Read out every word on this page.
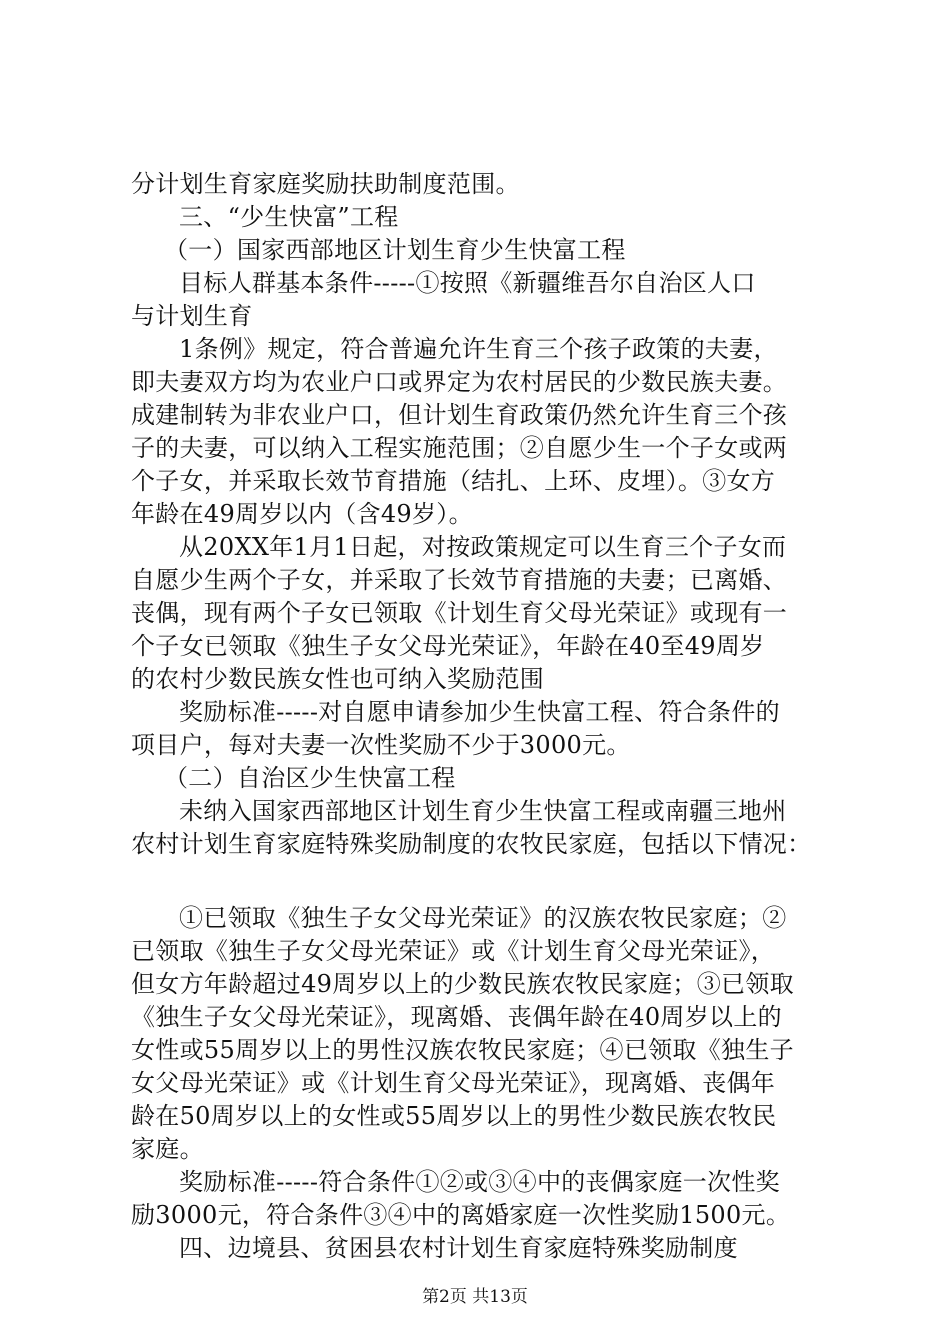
分计划生育家庭奖励扶助制度范围。
三、“少生快富”工程
（一）国家西部地区计划生育少生快富工程
目标人群基本条件-----①按照《新疆维吾尔自治区人口
与计划生育
1条例》规定，符合普遍允许生育三个孩子政策的夫妻，
即夫妻双方均为农业户口或界定为农村居民的少数民族夫妻。
成建制转为非农业户口，但计划生育政策仍然允许生育三个孩
子的夫妻，可以纳入工程实施范围；②自愿少生一个子女或两
个子女，并采取长效节育措施（结扎、上环、皮埋）。③女方
年龄在49周岁以内（含49岁）。
从20XX年1月1日起，对按政策规定可以生育三个子女而
自愿少生两个子女，并采取了长效节育措施的夫妻；已离婚、
丧偶，现有两个子女已领取《计划生育父母光荣证》或现有一
个子女已领取《独生子女父母光荣证》，年龄在40至49周岁
的农村少数民族女性也可纳入奖励范围
奖励标准-----对自愿申请参加少生快富工程、符合条件的
项目户，每对夫妻一次性奖励不少于3000元。
（二）自治区少生快富工程
未纳入国家西部地区计划生育少生快富工程或南疆三地州
农村计划生育家庭特殊奖励制度的农牧民家庭，包括以下情况：
①已领取《独生子女父母光荣证》的汉族农牧民家庭；②
已领取《独生子女父母光荣证》或《计划生育父母光荣证》，
但女方年龄超过49周岁以上的少数民族农牧民家庭；③已领取
《独生子女父母光荣证》，现离婚、丧偶年龄在40周岁以上的
女性或55周岁以上的男性汉族农牧民家庭；④已领取《独生子
女父母光荣证》或《计划生育父母光荣证》，现离婚、丧偶年
龄在50周岁以上的女性或55周岁以上的男性少数民族农牧民
家庭。
奖励标准-----符合条件①②或③④中的丧偶家庭一次性奖
励3000元，符合条件③④中的离婚家庭一次性奖励1500元。
四、边境县、贫困县农村计划生育家庭特殊奖励制度
第2页 共13页
